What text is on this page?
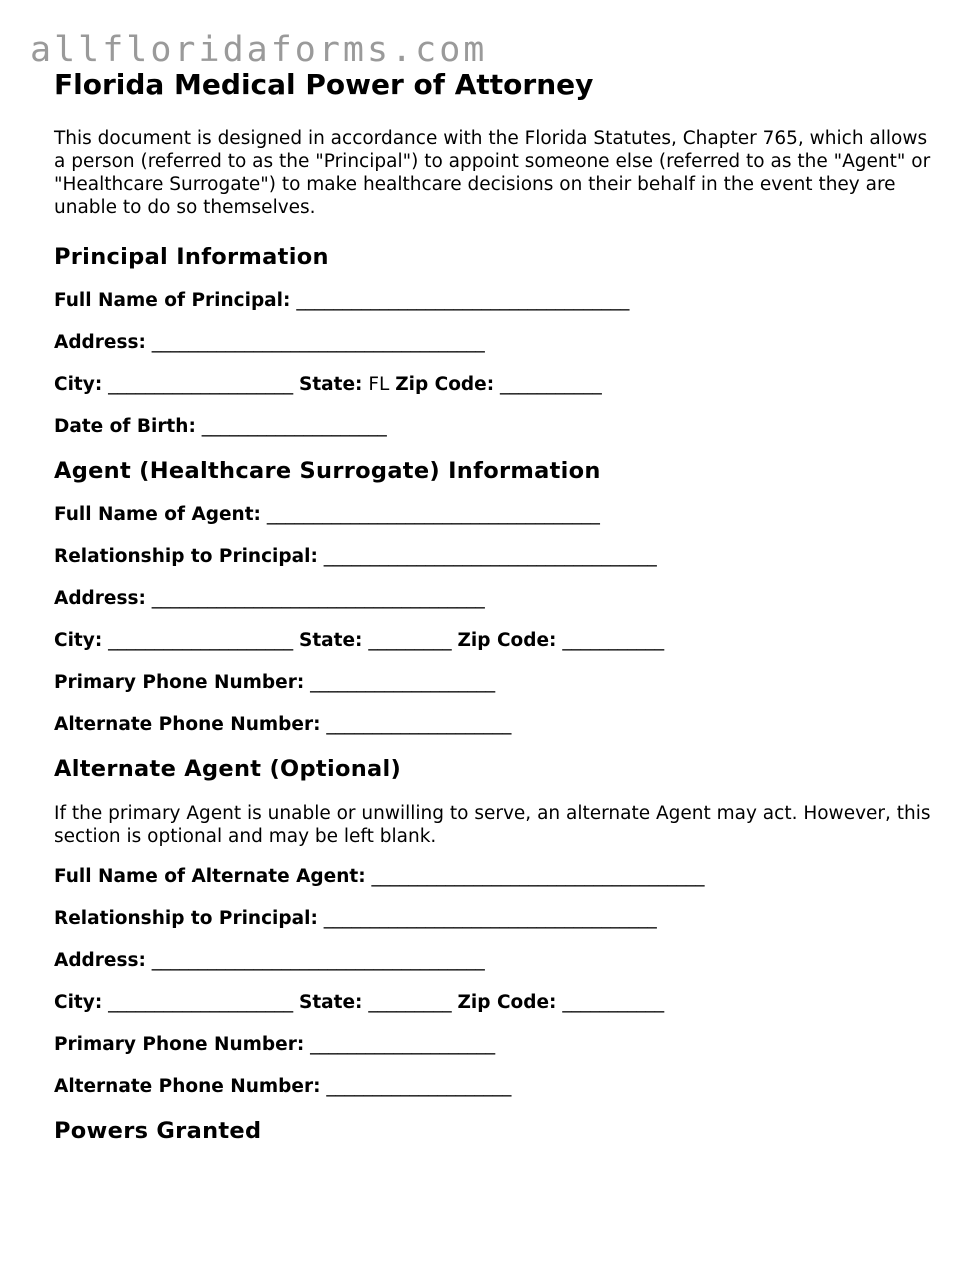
allfloridaforms.com
Florida Medical Power of Attorney

This document is designed in accordance with the Florida Statutes, Chapter 765, which allows a person (referred to as the "Principal") to appoint someone else (referred to as the "Agent" or "Healthcare Surrogate") to make healthcare decisions on their behalf in the event they are unable to do so themselves.

Principal Information

Full Name of Principal: ____________________________________

Address: ____________________________________

City: ____________________ State: FL Zip Code: ___________

Date of Birth: ____________________

Agent (Healthcare Surrogate) Information

Full Name of Agent: ____________________________________

Relationship to Principal: ____________________________________

Address: ____________________________________

City: ____________________ State: _________ Zip Code: ___________

Primary Phone Number: ____________________

Alternate Phone Number: ____________________

Alternate Agent (Optional)

If the primary Agent is unable or unwilling to serve, an alternate Agent may act. However, this section is optional and may be left blank.

Full Name of Alternate Agent: ____________________________________

Relationship to Principal: ____________________________________

Address: ____________________________________

City: ____________________ State: _________ Zip Code: ___________

Primary Phone Number: ____________________

Alternate Phone Number: ____________________

Powers Granted
